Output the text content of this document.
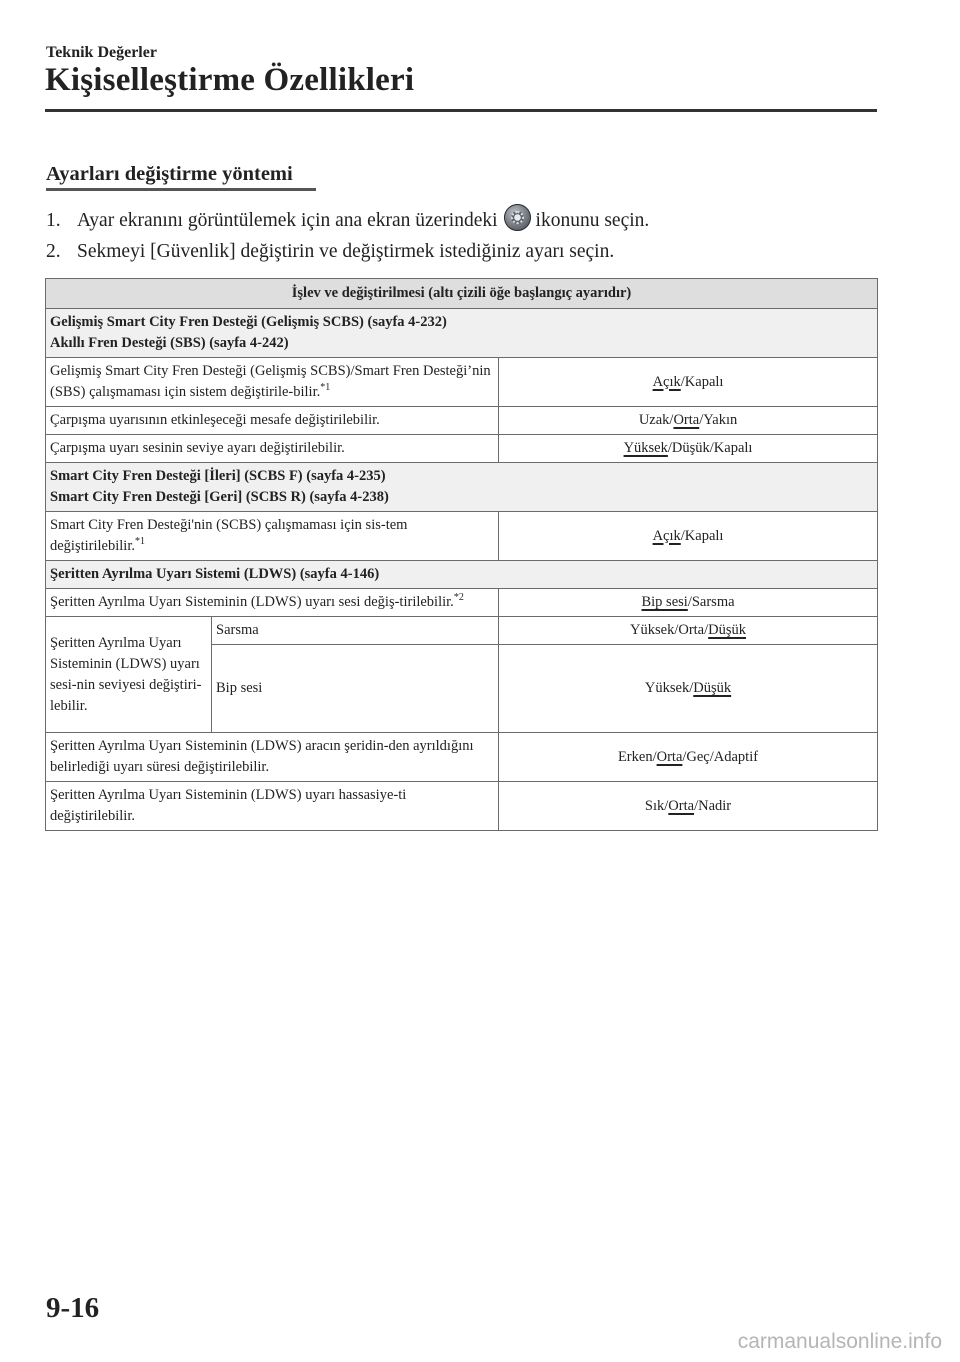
Teknik Değerler
Kişiselleştirme Özellikleri
Ayarları değiştirme yöntemi
1. Ayar ekranını görüntülemek için ana ekran üzerindeki ikonunu seçin.
2. Sekmeyi [Güvenlik] değiştirin ve değiştirmek istediğiniz ayarı seçin.
İşlev ve değiştirilmesi (altı çizili öğe başlangıç ayarıdır)		
Gelişmiş Smart City Fren Desteği (Gelişmiş SCBS) (sayfa 4-232)
Akıllı Fren Desteği (SBS) (sayfa 4-242)		
Gelişmiş Smart City Fren Desteği (Gelişmiş SCBS)/Smart Fren Desteği’nin (SBS) çalışmaması için sistem değiştirile-bilir.$^{*1}$		Açık/Kapalı
Çarpışma uyarısının etkinleşeceği mesafe değiştirilebilir.		Uzak/Orta/Yakın
Çarpışma uyarı sesinin seviye ayarı değiştirilebilir.		Yüksek/Düşük/Kapalı
Smart City Fren Desteği [İleri] (SCBS F) (sayfa 4-235)
Smart City Fren Desteği [Geri] (SCBS R) (sayfa 4-238)		
Smart City Fren Desteği'nin (SCBS) çalışmaması için sis-tem değiştirilebilir.$^{*1}$		Açık/Kapalı
Şeritten Ayrılma Uyarı Sistemi (LDWS) (sayfa 4-146)		
Şeritten Ayrılma Uyarı Sisteminin (LDWS) uyarı sesi değiş-tirilebilir.$^{*2}$		Bip sesi/Sarsma
Şeritten Ayrılma Uyarı Sisteminin (LDWS) uyarı sesi-nin seviyesi değiştiri-lebilir.	Sarsma	Yüksek/Orta/Düşük
	Bip sesi	Yüksek/Düşük
Şeritten Ayrılma Uyarı Sisteminin (LDWS) aracın şeridin-den ayrıldığını belirlediği uyarı süresi değiştirilebilir.		Erken/Orta/Geç/Adaptif
Şeritten Ayrılma Uyarı Sisteminin (LDWS) uyarı hassasiye-ti değiştirilebilir.		Sık/Orta/Nadir
9-16
carmanualsonline.info
